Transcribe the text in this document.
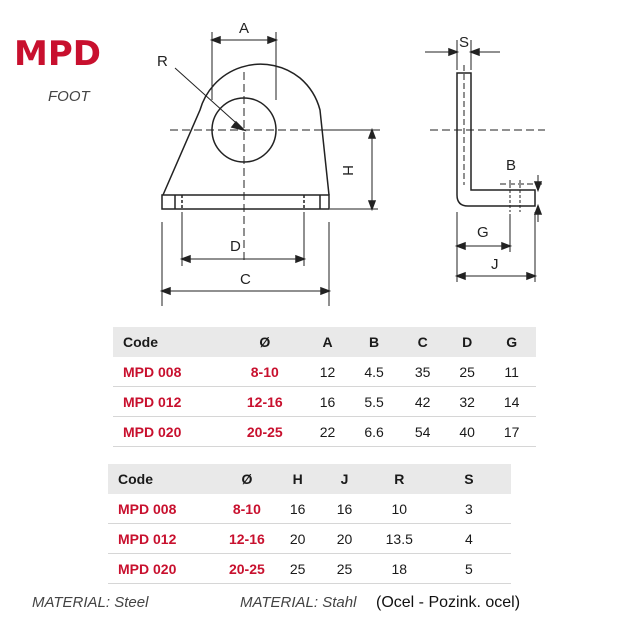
MPD
FOOT
A
R
H
D
C
S
B
G
J
Code	Ø	A	B	C	D	G
MPD 008	8-10	12	4.5	35	25	11
MPD 012	12-16	16	5.5	42	32	14
MPD 020	20-25	22	6.6	54	40	17
Code	Ø	H	J	R	S
MPD 008	8-10	16	16	10	3
MPD 012	12-16	20	20	13.5	4
MPD 020	20-25	25	25	18	5
MATERIAL: Steel	MATERIAL: Stahl (Ocel - Pozink. ocel)
